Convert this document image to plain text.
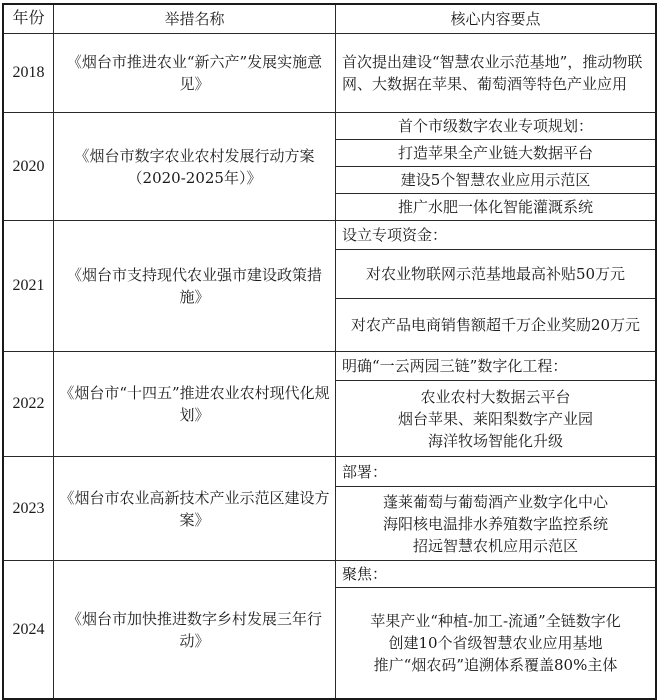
年份	举措名称	核心内容要点
2018	《烟台市推进农业“新六产”发展实施意见》	首次提出建设“智慧农业示范基地”，推动物联网、大数据在苹果、葡萄酒等特色产业应用

2020	《烟台市数字农业农村发展行动方案（2020-2025年）》	首个市级数字农业专项规划：
打造苹果全产业链大数据平台
建设5个智慧农业应用示范区
推广水肥一体化智能灌溉系统

2021	《烟台市支持现代农业强市建设政策措施》	设立专项资金：
对农业物联网示范基地最高补贴50万元
对农产品电商销售额超千万企业奖励20万元

2022	《烟台市“十四五”推进农业农村现代化规划》	明确“一云两园三链”数字化工程：
农业农村大数据云平台
烟台苹果、莱阳梨数字产业园
海洋牧场智能化升级

2023	《烟台市农业高新技术产业示范区建设方案》	部署：
蓬莱葡萄与葡萄酒产业数字化中心
海阳核电温排水养殖数字监控系统
招远智慧农机应用示范区

2024	《烟台市加快推进数字乡村发展三年行动》	聚焦：
苹果产业“种植-加工-流通”全链数字化
创建10个省级智慧农业应用基地
推广“烟农码”追溯体系覆盖80%主体
